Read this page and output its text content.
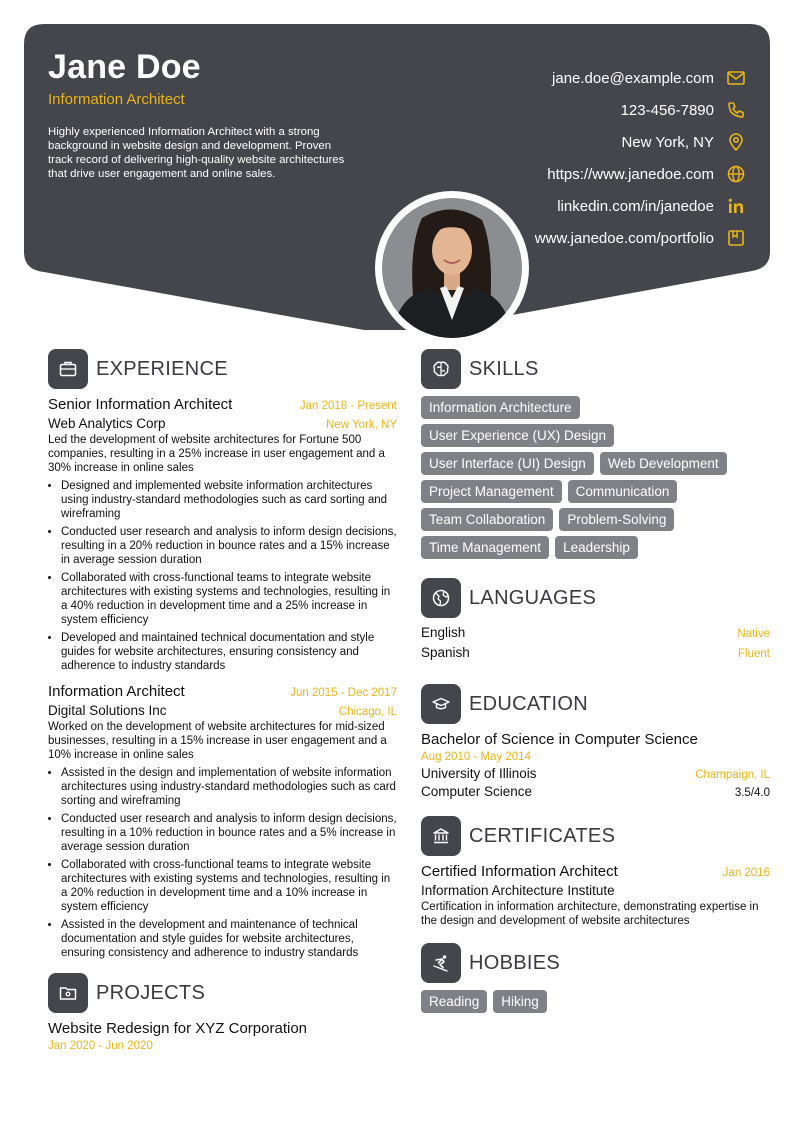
Jane Doe
Information Architect
Highly experienced Information Architect with a strong background in website design and development. Proven track record of delivering high-quality website architectures that drive user engagement and online sales.
jane.doe@example.com
123-456-7890
New York, NY
https://www.janedoe.com
linkedin.com/in/janedoe
www.janedoe.com/portfolio
EXPERIENCE
Senior Information Architect	Jan 2018 - Present
Web Analytics Corp	New York, NY
Led the development of website architectures for Fortune 500 companies, resulting in a 25% increase in user engagement and a 30% increase in online sales
• Designed and implemented website information architectures using industry-standard methodologies such as card sorting and wireframing
• Conducted user research and analysis to inform design decisions, resulting in a 20% reduction in bounce rates and a 15% increase in average session duration
• Collaborated with cross-functional teams to integrate website architectures with existing systems and technologies, resulting in a 40% reduction in development time and a 25% increase in system efficiency
• Developed and maintained technical documentation and style guides for website architectures, ensuring consistency and adherence to industry standards
Information Architect	Jun 2015 - Dec 2017
Digital Solutions Inc	Chicago, IL
Worked on the development of website architectures for mid-sized businesses, resulting in a 15% increase in user engagement and a 10% increase in online sales
• Assisted in the design and implementation of website information architectures using industry-standard methodologies such as card sorting and wireframing
• Conducted user research and analysis to inform design decisions, resulting in a 10% reduction in bounce rates and a 5% increase in average session duration
• Collaborated with cross-functional teams to integrate website architectures with existing systems and technologies, resulting in a 20% reduction in development time and a 10% increase in system efficiency
• Assisted in the development and maintenance of technical documentation and style guides for website architectures, ensuring consistency and adherence to industry standards
PROJECTS
Website Redesign for XYZ Corporation
Jan 2020 - Jun 2020
SKILLS
Information Architecture
User Experience (UX) Design
User Interface (UI) Design	Web Development
Project Management	Communication
Team Collaboration	Problem-Solving
Time Management	Leadership
LANGUAGES
English	Native
Spanish	Fluent
EDUCATION
Bachelor of Science in Computer Science
Aug 2010 - May 2014
University of Illinois	Champaign, IL
Computer Science	3.5/4.0
CERTIFICATES
Certified Information Architect	Jan 2016
Information Architecture Institute
Certification in information architecture, demonstrating expertise in the design and development of website architectures
HOBBIES
Reading	Hiking
